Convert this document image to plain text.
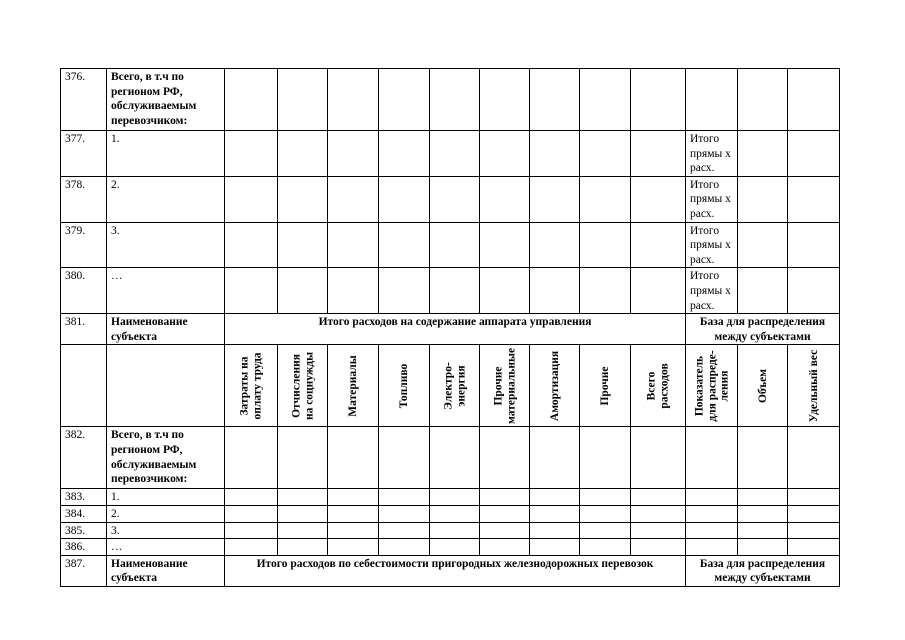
376.	Всего, в т.ч по регионом РФ, обслуживаемым перевозчиком:												
377.	1.										Итого прямы х расх.		
378.	2.										Итого прямы х расх.		
379.	3.										Итого прямы х расх.		
380.	…										Итого прямы х расх.		
381.	Наименование субъекта	Итого расходов на содержание аппарата управления									База для распределения между субъектами		

		Затраты на оплату труда	Отчисления на соцнужды	Материалы	Топливо	Электро-энергия	Прочие материальные	Амортизация	Прочие	Всего расходов	Показатель для распреде-ления	Объем	Удельный вес

382.	Всего, в т.ч по регионом РФ, обслуживаемым перевозчиком:												
383.	1.												
384.	2.												
385.	3.												
386.	…												
387.	Наименование субъекта	Итого расходов по себестоимости пригородных железнодорожных перевозок									База для распределения между субъектами		
